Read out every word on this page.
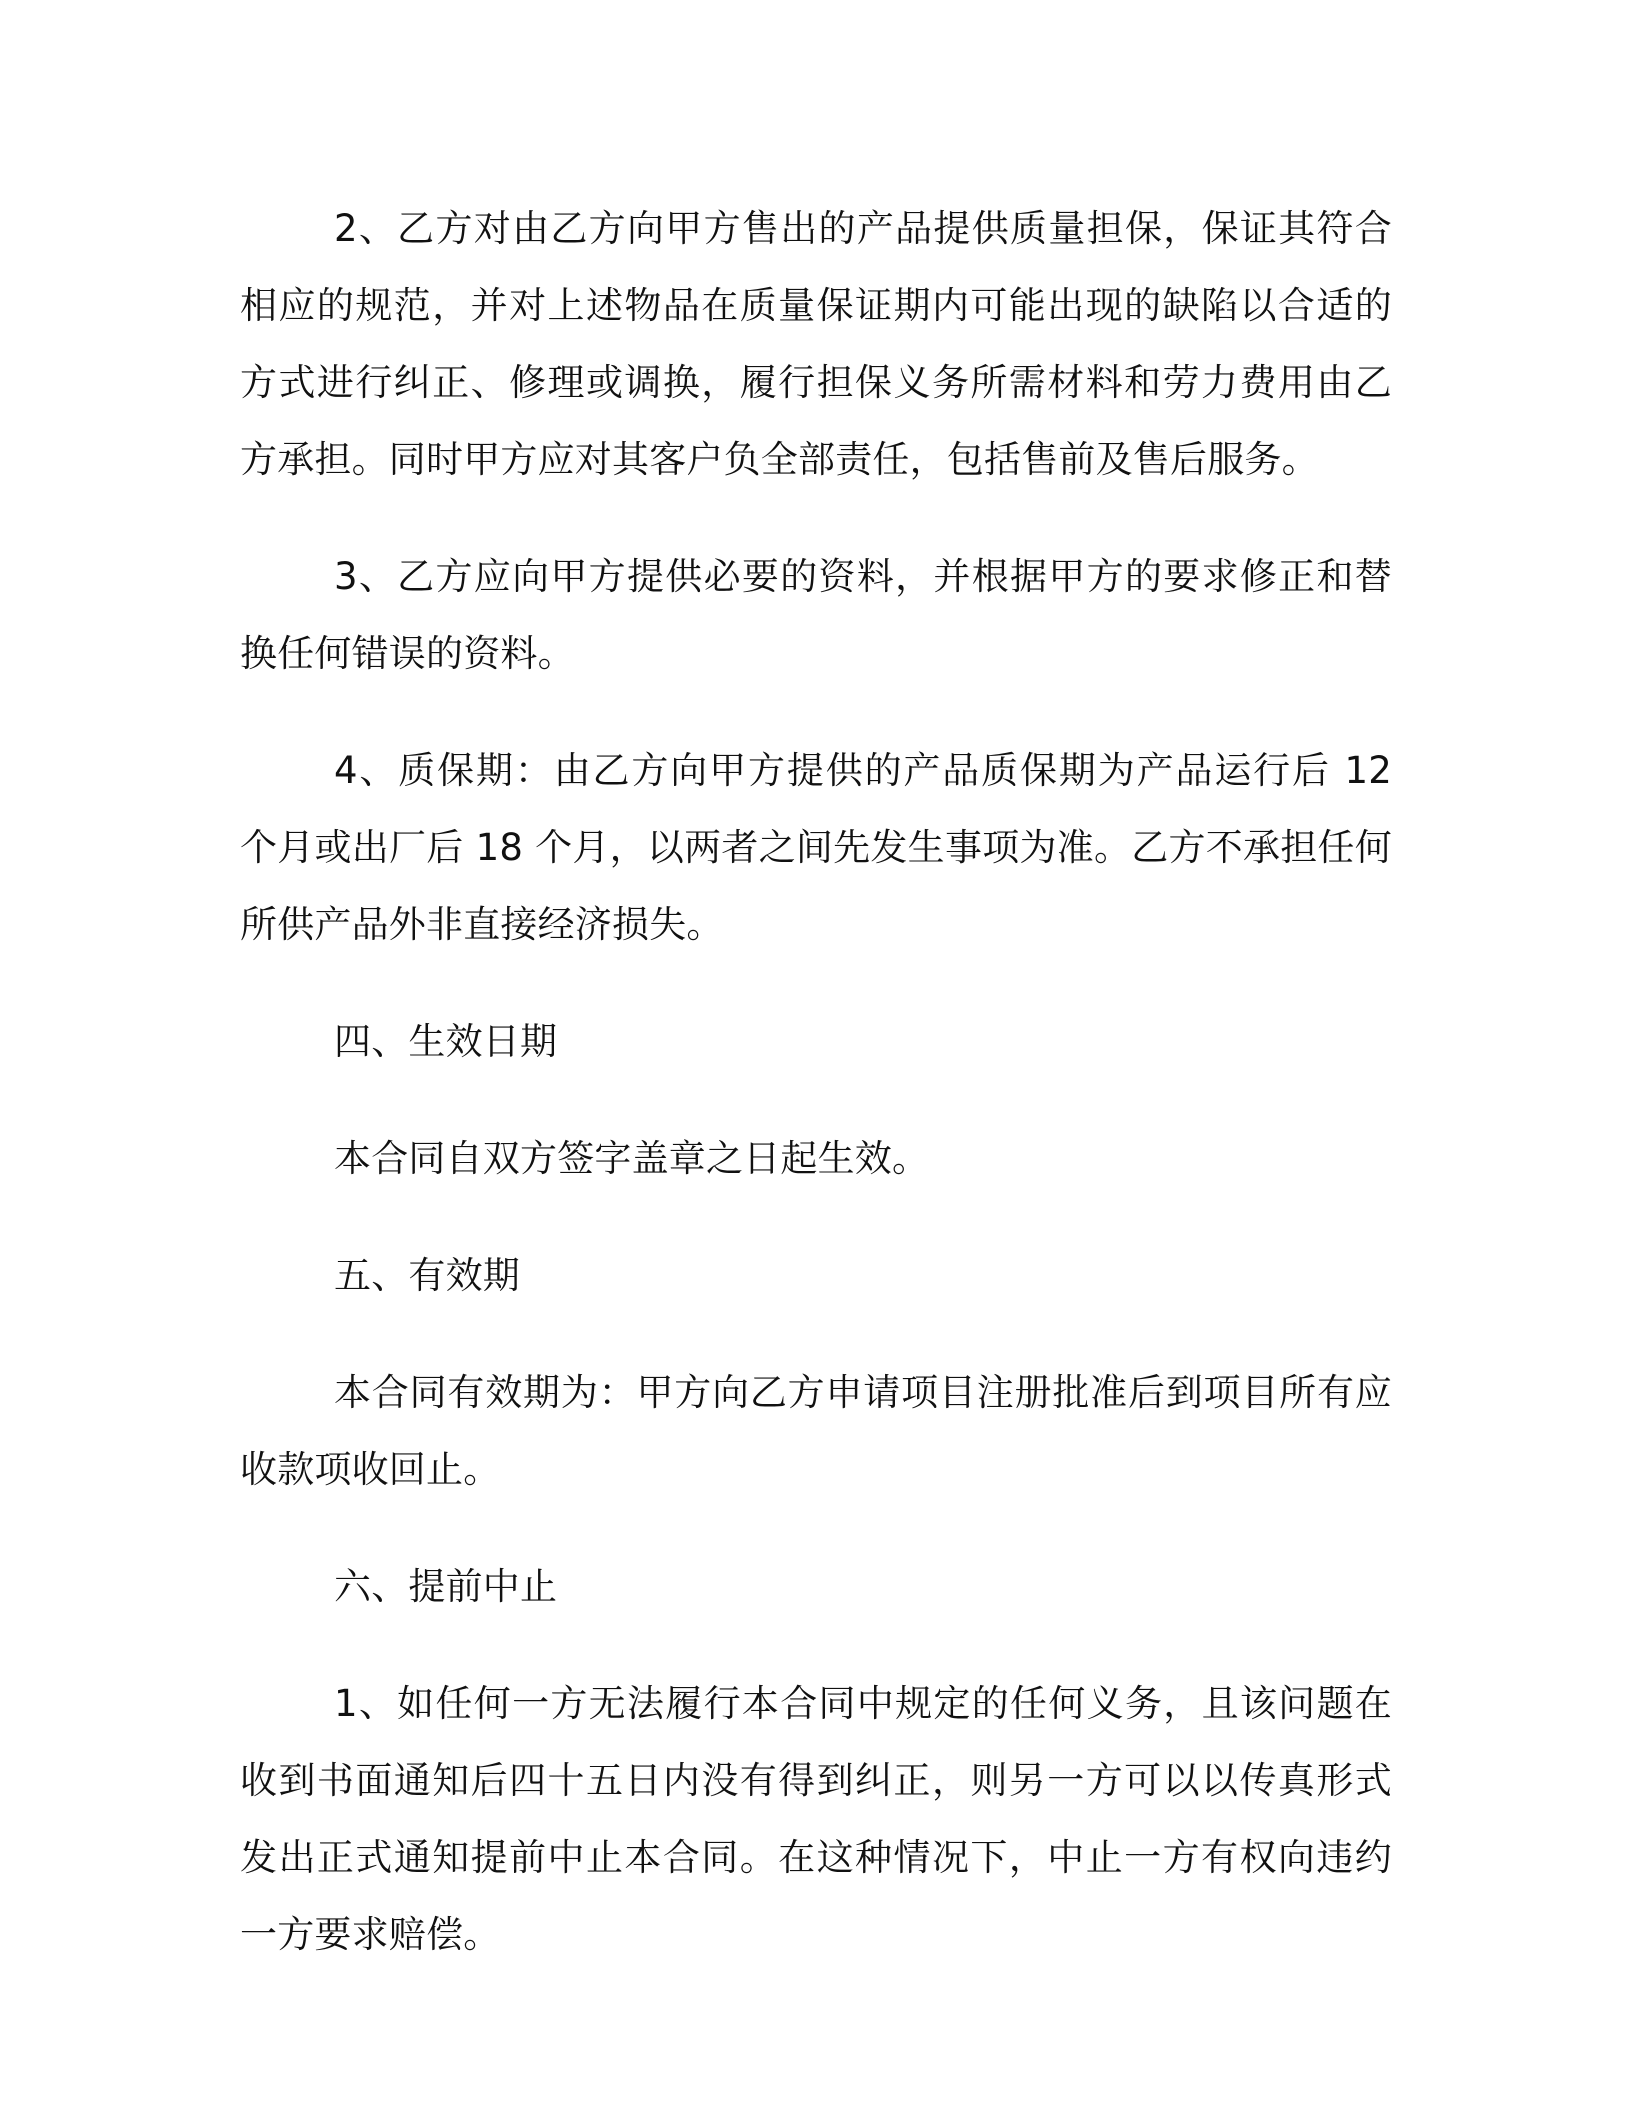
2、乙方对由乙方向甲方售出的产品提供质量担保，保证其符合相应的规范，并对上述物品在质量保证期内可能出现的缺陷以合适的方式进行纠正、修理或调换，履行担保义务所需材料和劳力费用由乙方承担。同时甲方应对其客户负全部责任，包括售前及售后服务。

3、乙方应向甲方提供必要的资料，并根据甲方的要求修正和替换任何错误的资料。

4、质保期：由乙方向甲方提供的产品质保期为产品运行后 12 个月或出厂后 18 个月，以两者之间先发生事项为准。乙方不承担任何所供产品外非直接经济损失。

四、生效日期

本合同自双方签字盖章之日起生效。

五、有效期

本合同有效期为：甲方向乙方申请项目注册批准后到项目所有应收款项收回止。

六、提前中止

1、如任何一方无法履行本合同中规定的任何义务，且该问题在收到书面通知后四十五日内没有得到纠正，则另一方可以以传真形式发出正式通知提前中止本合同。在这种情况下，中止一方有权向违约一方要求赔偿。
